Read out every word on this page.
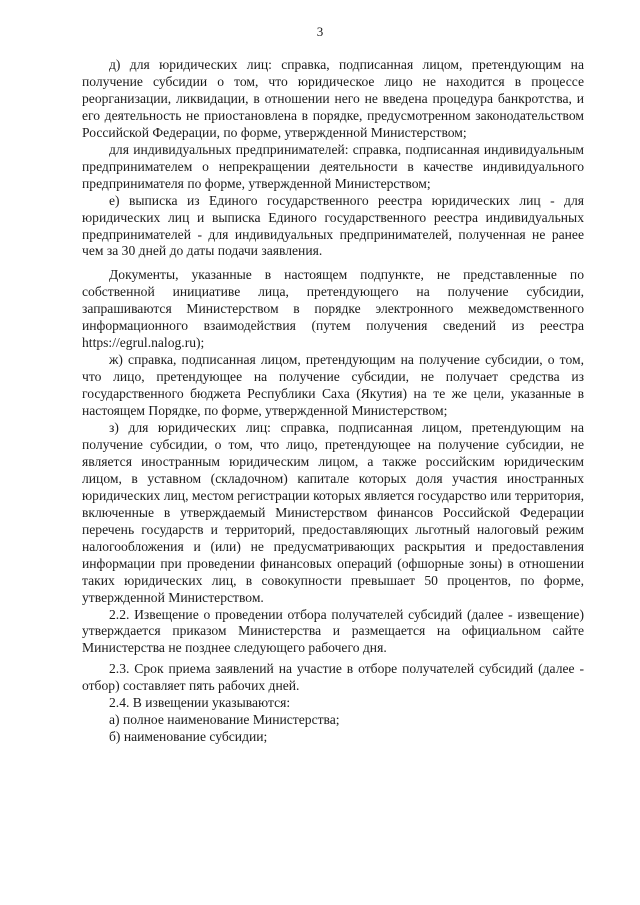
3

д) для юридических лиц: справка, подписанная лицом, претендующим на получение субсидии о том, что юридическое лицо не находится в процессе реорганизации, ликвидации, в отношении него не введена процедура банкротства, и его деятельность не приостановлена в порядке, предусмотренном законодательством Российской Федерации, по форме, утвержденной Министерством;

для индивидуальных предпринимателей: справка, подписанная индивидуальным предпринимателем о непрекращении деятельности в качестве индивидуального предпринимателя по форме, утвержденной Министерством;

е) выписка из Единого государственного реестра юридических лиц - для юридических лиц и выписка Единого государственного реестра индивидуальных предпринимателей - для индивидуальных предпринимателей, полученная не ранее чем за 30 дней до даты подачи заявления.

Документы, указанные в настоящем подпункте, не представленные по собственной инициативе лица, претендующего на получение субсидии, запрашиваются Министерством в порядке электронного межведомственного информационного взаимодействия (путем получения сведений из реестра https://egrul.nalog.ru);

ж) справка, подписанная лицом, претендующим на получение субсидии, о том, что лицо, претендующее на получение субсидии, не получает средства из государственного бюджета Республики Саха (Якутия) на те же цели, указанные в настоящем Порядке, по форме, утвержденной Министерством;

з) для юридических лиц: справка, подписанная лицом, претендующим на получение субсидии, о том, что лицо, претендующее на получение субсидии, не является иностранным юридическим лицом, а также российским юридическим лицом, в уставном (складочном) капитале которых доля участия иностранных юридических лиц, местом регистрации которых является государство или территория, включенные в утверждаемый Министерством финансов Российской Федерации перечень государств и территорий, предоставляющих льготный налоговый режим налогообложения и (или) не предусматривающих раскрытия и предоставления информации при проведении финансовых операций (офшорные зоны) в отношении таких юридических лиц, в совокупности превышает 50 процентов, по форме, утвержденной Министерством.

2.2. Извещение о проведении отбора получателей субсидий (далее - извещение) утверждается приказом Министерства и размещается на официальном сайте Министерства не позднее следующего рабочего дня.

2.3. Срок приема заявлений на участие в отборе получателей субсидий (далее - отбор) составляет пять рабочих дней.

2.4. В извещении указываются:

а) полное наименование Министерства;

б) наименование субсидии;
